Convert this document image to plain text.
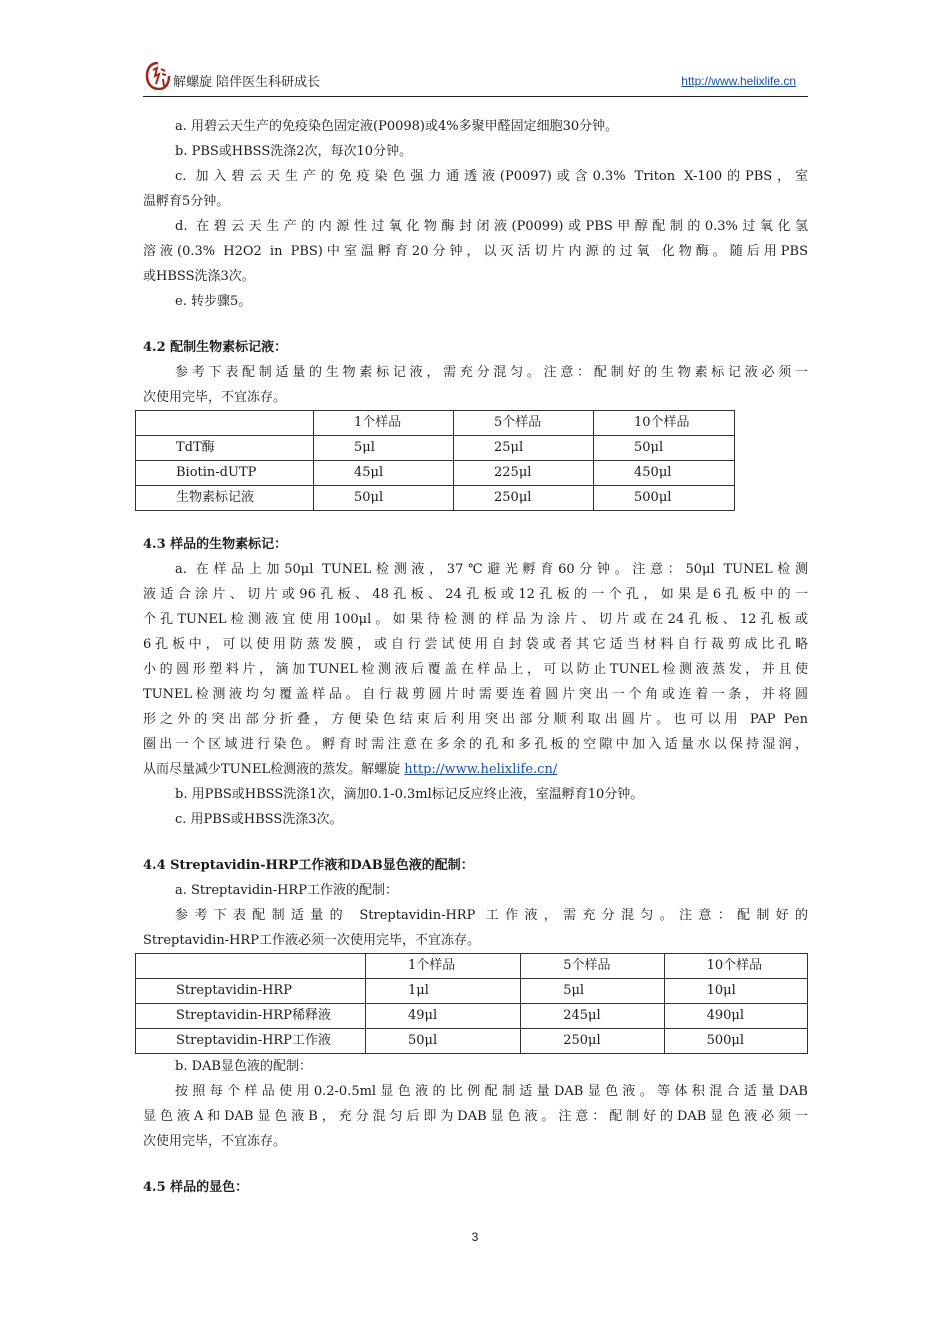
解螺旋 陪伴医生科研成长	http://www.helixlife.cn

a. 用碧云天生产的免疫染色固定液(P0098)或4%多聚甲醛固定细胞30分钟。

b. PBS或HBSS洗涤2次，每次10分钟。

c. 加入碧云天生产的免疫染色强力通透液(P0097)或含0.3% Triton X-100的PBS，室

温孵育5分钟。

d. 在碧云天生产的内源性过氧化物酶封闭液(P0099)或PBS甲醇配制的0.3%过氧化氢

溶液(0.3% H2O2 in PBS)中室温孵育20分钟，以灭活切片内源的过氧 化物酶。随后用PBS

或HBSS洗涤3次。

e. 转步骤5。

4.2 配制生物素标记液：

参考下表配制适量的生物素标记液，需充分混匀。注意：配制好的生物素标记液必须一

次使用完毕，不宜冻存。

	1个样品	5个样品	10个样品
TdT酶	5μl	25μl	50μl
Biotin-dUTP	45μl	225μl	450μl
生物素标记液	50μl	250μl	500μl
4.3 样品的生物素标记：

a. 在样品上加50μl TUNEL检测液，37℃避光孵育60分钟。注意：50μl TUNEL检测

液适合涂片、切片或96孔板、48孔板、24孔板或12孔板的一个孔，如果是6孔板中的一

个孔TUNEL检测液宜使用100μl。如果待检测的样品为涂片、切片或在24孔板、12孔板或

6孔板中，可以使用防蒸发膜，或自行尝试使用自封袋或者其它适当材料自行裁剪成比孔略

小的圆形塑料片，滴加TUNEL检测液后覆盖在样品上，可以防止TUNEL检测液蒸发，并且使

TUNEL检测液均匀覆盖样品。自行裁剪圆片时需要连着圆片突出一个角或连着一条，并将圆

形之外的突出部分折叠，方便染色结束后利用突出部分顺利取出圆片。也可以用 PAP Pen

圈出一个区域进行染色。孵育时需注意在多余的孔和多孔板的空隙中加入适量水以保持湿润，

从而尽量减少TUNEL检测液的蒸发。解螺旋 http://www.helixlife.cn/

b. 用PBS或HBSS洗涤1次，滴加0.1-0.3ml标记反应终止液，室温孵育10分钟。

c. 用PBS或HBSS洗涤3次。

4.4 Streptavidin-HRP工作液和DAB显色液的配制：

a. Streptavidin-HRP工作液的配制：

参考下表配制适量的 Streptavidin-HRP 工作液，需充分混匀。注意：配制好的

Streptavidin-HRP工作液必须一次使用完毕，不宜冻存。

	1个样品	5个样品	10个样品
Streptavidin-HRP	1μl	5μl	10μl
Streptavidin-HRP稀释液	49μl	245μl	490μl
Streptavidin-HRP工作液	50μl	250μl	500μl

b. DAB显色液的配制：

按照每个样品使用0.2-0.5ml显色液的比例配制适量DAB显色液。等体积混合适量DAB

显色液A和DAB显色液B，充分混匀后即为DAB显色液。注意：配制好的DAB显色液必须一

次使用完毕，不宜冻存。

4.5 样品的显色：
3
